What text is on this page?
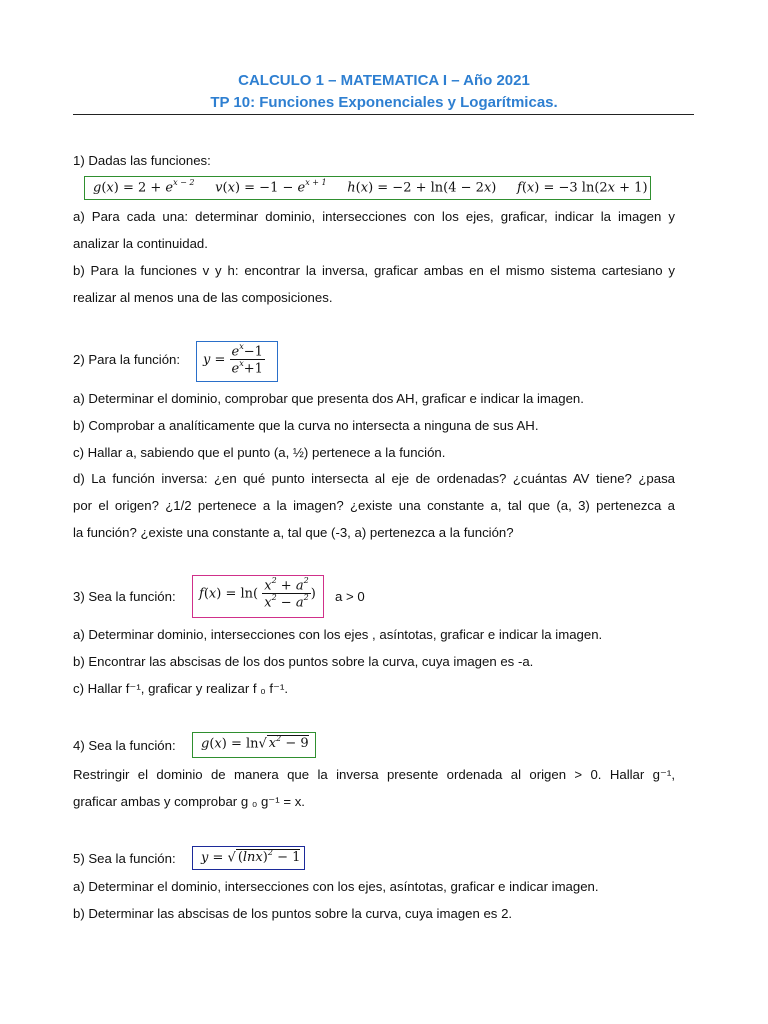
CALCULO 1 – MATEMATICA I – Año 2021
TP 10: Funciones Exponenciales y Logarítmicas.
1) Dadas las funciones:
$g(x) = 2 + e^{x - 2}$     $v(x) = -1 - e^{x + 1}$     h(x) = −2 + ln(4 − 2x)     f(x) = −3 ln(2x + 1)
a) Para cada una: determinar dominio, intersecciones con los ejes, graficar, indicar la imagen y
analizar la continuidad.
b) Para la funciones v y h: encontrar la inversa, graficar ambas en el mismo sistema cartesiano y
realizar al menos una de las composiciones.
2) Para la función:	$y = \frac{e^x-1}{e^x+1}$
a) Determinar el dominio, comprobar que presenta dos AH, graficar e indicar la imagen.
b) Comprobar a analíticamente que la curva no intersecta a ninguna de sus AH.
c) Hallar a, sabiendo que el punto (a, ½) pertenece a la función.
d) La función inversa: ¿en qué punto intersecta al eje de ordenadas? ¿cuántas AV tiene? ¿pasa
por el origen? ¿1/2 pertenece a la imagen? ¿existe una constante a, tal que (a, 3) pertenezca a
la función? ¿existe una constante a, tal que (-3, a) pertenezca a la función?
3) Sea la función:	$f(x) = \ln( \frac{x^2 + a^2}{x^2 - a^2}$ )	a > 0
a) Determinar dominio, intersecciones con los ejes , asíntotas, graficar e indicar la imagen.
b) Encontrar las abscisas de los dos puntos sobre la curva, cuya imagen es -a.
c) Hallar f⁻¹, graficar y realizar f ₀ f⁻¹.
4) Sea la función:	g(x) = ln√ $x^2 - 9$
Restringir el dominio de manera que la inversa presente ordenada al origen > 0. Hallar g⁻¹,
graficar ambas y comprobar g ₀ g⁻¹ = x.
5) Sea la función:	y = √ $(\ln x)^2 - 1$
a) Determinar el dominio, intersecciones con los ejes, asíntotas, graficar e indicar imagen.
b) Determinar las abscisas de los puntos sobre la curva, cuya imagen es 2.
